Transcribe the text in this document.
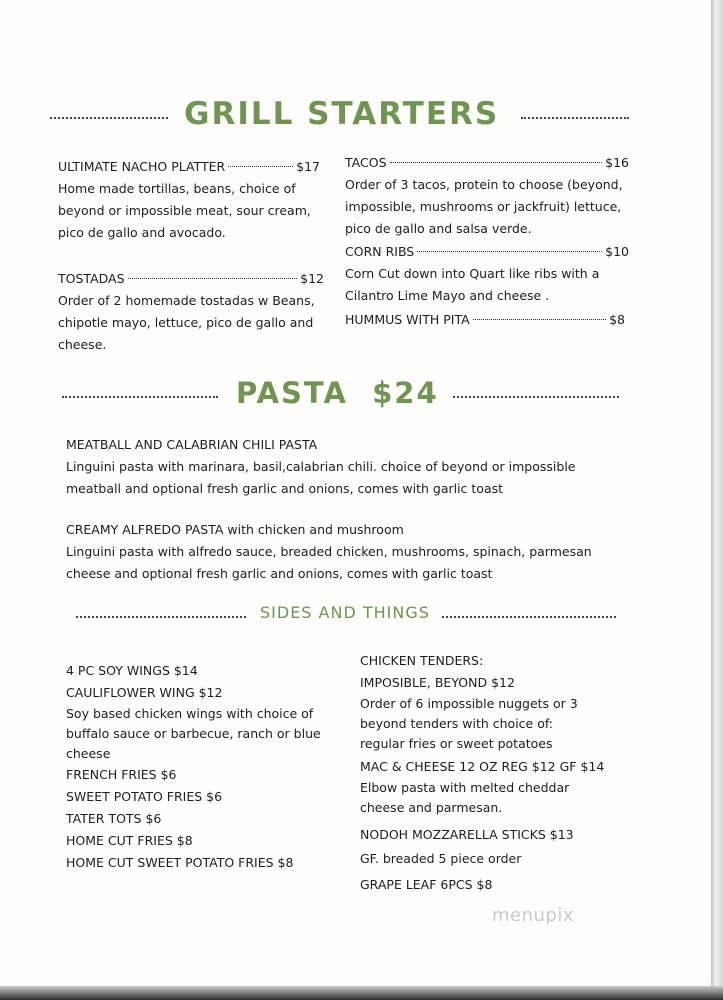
GRILL STARTERS
ULTIMATE NACHO PLATTER	$17

Home made tortillas, beans, choice of beyond or impossible meat, sour cream, pico de gallo and avocado.

TOSTADAS	$12

Order of 2 homemade tostadas w Beans, chipotle mayo, lettuce, pico de gallo and cheese.

TACOS	$16

Order of 3 tacos, protein to choose (beyond, impossible, mushrooms or jackfruit) lettuce, pico de gallo and salsa verde.

CORN RIBS	$10

Corn Cut down into Quart like ribs with a Cilantro Lime Mayo and cheese .

HUMMUS WITH PITA	$8
PASTA  $24
MEATBALL AND CALABRIAN CHILI PASTA
Linguini pasta with marinara, basil,calabrian chili. choice of beyond or impossible
meatball and optional fresh garlic and onions, comes with garlic toast
CREAMY ALFREDO PASTA with chicken and mushroom
Linguini pasta with alfredo sauce, breaded chicken, mushrooms, spinach, parmesan
cheese and optional fresh garlic and onions, comes with garlic toast
SIDES AND THINGS
4 PC SOY WINGS $14
CAULIFLOWER WING $12
Soy based chicken wings with choice of buffalo sauce or barbecue, ranch or blue cheese
FRENCH FRIES $6
SWEET POTATO FRIES $6
TATER TOTS $6
HOME CUT FRIES $8
HOME CUT SWEET POTATO FRIES $8
CHICKEN TENDERS:
IMPOSIBLE, BEYOND $12
Order of 6 impossible nuggets or 3 beyond tenders with choice of: regular fries or sweet potatoes
MAC & CHEESE 12 OZ REG $12 GF $14
Elbow pasta with melted cheddar cheese and parmesan.
NODOH MOZZARELLA STICKS $13
GF. breaded 5 piece order
GRAPE LEAF 6PCS $8
menupix
